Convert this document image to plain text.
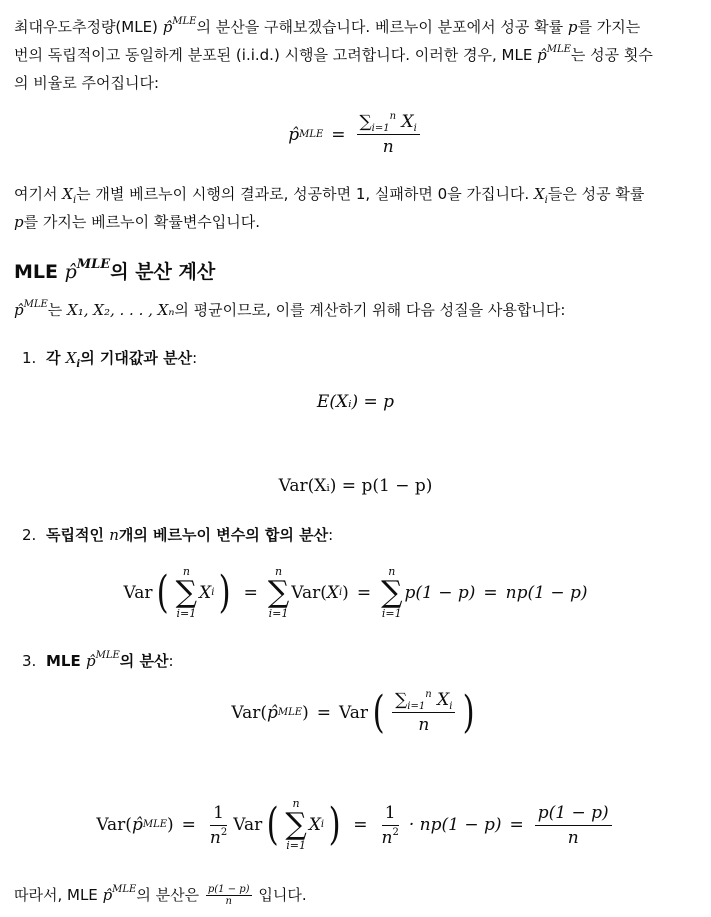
최대우도추정량(MLE) p̂$^{MLE}$의 분산을 구해보겠습니다. 베르누이 분포에서 성공 확률 p를 가지는
번의 독립적이고 동일하게 분포된 (i.i.d.) 시행을 고려합니다. 이러한 경우, MLE p̂$^{MLE}$는 성공 횟수
의 비율로 주어집니다:
p̂ MLE = $\frac{\sum_{i=1}^n X_i}{n}$
여기서 $X_i$는 개별 베르누이 시행의 결과로, 성공하면 1, 실패하면 0을 가집니다. $X_i$들은 성공 확률
p를 가지는 베르누이 확률변수입니다.
MLE p̂$^{MLE}$의 분산 계산
p̂$^{MLE}$는 X₁, X₂, . . . , Xₙ의 평균이므로, 이를 계산하기 위해 다음 성질을 사용합니다:
1. 각 $X_i$의 기대값과 분산:
E(Xᵢ) = p
Var(Xᵢ) = p(1 − p)
2. 독립적인 n개의 베르누이 변수의 합의 분산:
Var ( n
∑
i=1
X i ) =
n
∑
i=1
Var ( X i ) =
n
∑
i=1
p(1 − p) = np(1 − p)
3. MLE p̂$^{MLE}$의 분산:
Var ( p̂ MLE ) = Var ( $\frac{\sum_{i=1}^n X_i}{n}$ )
Var ( p̂ MLE ) = $\frac{1}{n^2}$ Var ( n
∑
i=1
X i ) = $\frac{1}{n^2} \cdot np(1 - p) = \frac{p(1 - p)}{n}$
따라서, MLE p̂$^{MLE}$의 분산은 $\frac{p(1 - p)}{n}$ 입니다.
